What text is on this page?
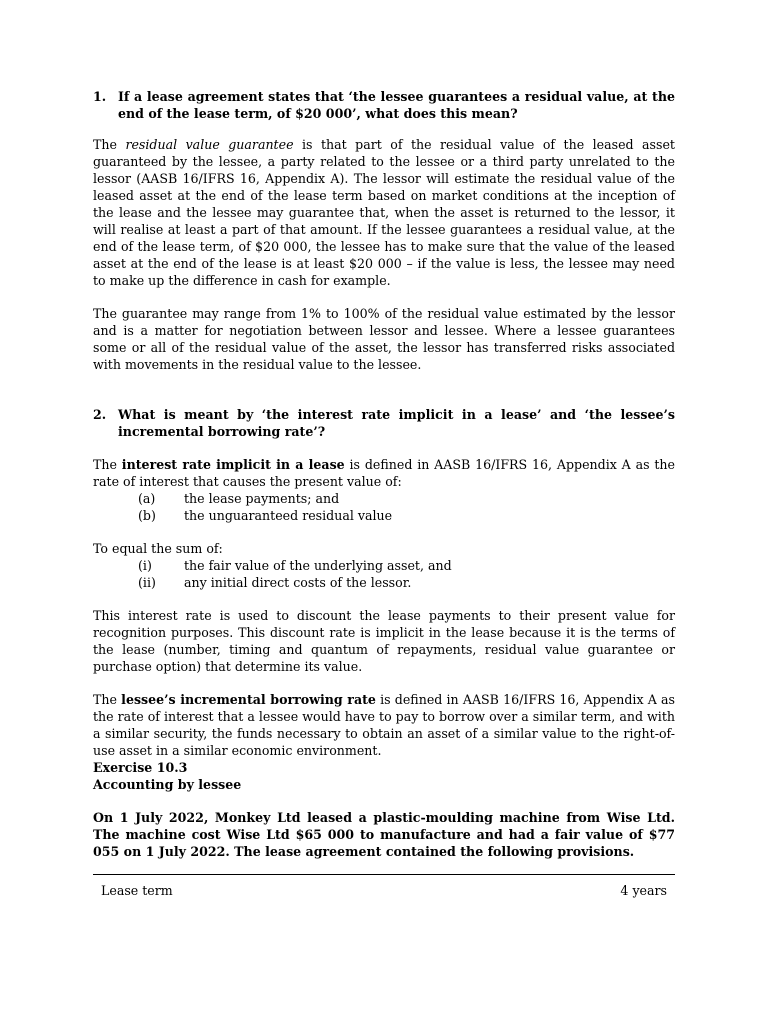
1. If a lease agreement states that ‘the lessee guarantees a residual value, at the end of the lease term, of $20 000’, what does this mean?

The residual value guarantee is that part of the residual value of the leased asset guaranteed by the lessee, a party related to the lessee or a third party unrelated to the lessor (AASB 16/IFRS 16, Appendix A). The lessor will estimate the residual value of the leased asset at the end of the lease term based on market conditions at the inception of the lease and the lessee may guarantee that, when the asset is returned to the lessor, it will realise at least a part of that amount. If the lessee guarantees a residual value, at the end of the lease term, of $20 000, the lessee has to make sure that the value of the leased asset at the end of the lease is at least $20 000 – if the value is less, the lessee may need to make up the difference in cash for example.

The guarantee may range from 1% to 100% of the residual value estimated by the lessor and is a matter for negotiation between lessor and lessee. Where a lessee guarantees some or all of the residual value of the asset, the lessor has transferred risks associated with movements in the residual value to the lessee.

2. What is meant by ‘the interest rate implicit in a lease’ and ‘the lessee’s incremental borrowing rate’?

The interest rate implicit in a lease is defined in AASB 16/IFRS 16, Appendix A as the rate of interest that causes the present value of:

(a)	the lease payments; and
(b)	the unguaranteed residual value

To equal the sum of:

(i)	the fair value of the underlying asset, and
(ii)	any initial direct costs of the lessor.

This interest rate is used to discount the lease payments to their present value for recognition purposes. This discount rate is implicit in the lease because it is the terms of the lease (number, timing and quantum of repayments, residual value guarantee or purchase option) that determine its value.

The lessee’s incremental borrowing rate is defined in AASB 16/IFRS 16, Appendix A as the rate of interest that a lessee would have to pay to borrow over a similar term, and with a similar security, the funds necessary to obtain an asset of a similar value to the right-of-use asset in a similar economic environment.

Exercise 10.3

Accounting by lessee

On 1 July 2022, Monkey Ltd leased a plastic-moulding machine from Wise Ltd. The machine cost Wise Ltd $65 000 to manufacture and had a fair value of $77 055 on 1 July 2022. The lease agreement contained the following provisions.

Lease term	4 years
